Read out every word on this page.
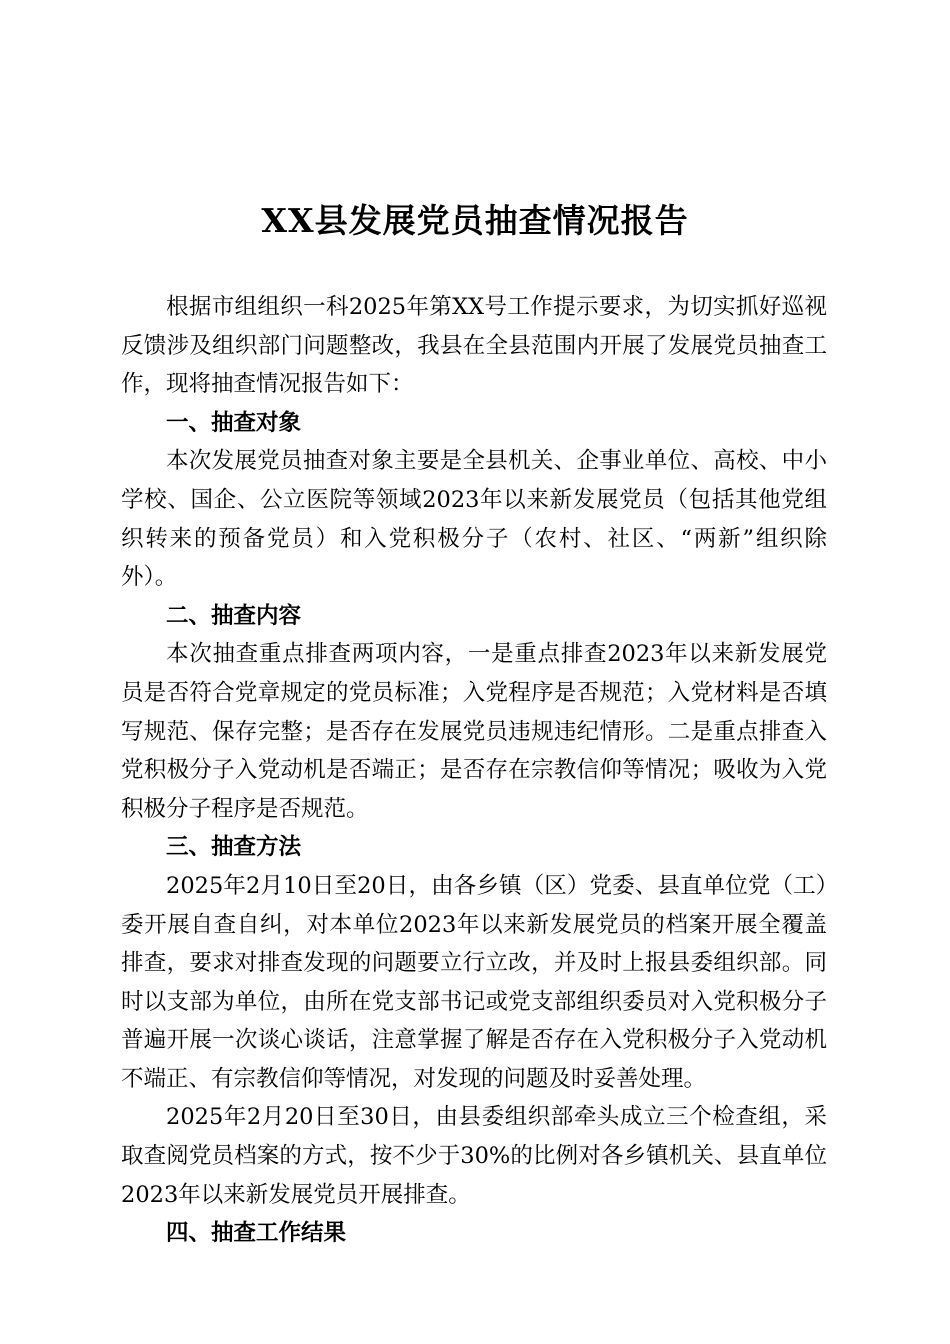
XX县发展党员抽查情况报告

根据市组组织一科2025年第XX号工作提示要求，为切实抓好巡视反馈涉及组织部门问题整改，我县在全县范围内开展了发展党员抽查工作，现将抽查情况报告如下：

一、抽查对象

本次发展党员抽查对象主要是全县机关、企事业单位、高校、中小学校、国企、公立医院等领域2023年以来新发展党员（包括其他党组织转来的预备党员）和入党积极分子（农村、社区、“两新”组织除外）。

二、抽查内容

本次抽查重点排查两项内容，一是重点排查2023年以来新发展党员是否符合党章规定的党员标准；入党程序是否规范；入党材料是否填写规范、保存完整；是否存在发展党员违规违纪情形。二是重点排查入党积极分子入党动机是否端正；是否存在宗教信仰等情况；吸收为入党积极分子程序是否规范。

三、抽查方法

2025年2月10日至20日，由各乡镇（区）党委、县直单位党（工）委开展自查自纠，对本单位2023年以来新发展党员的档案开展全覆盖排查，要求对排查发现的问题要立行立改，并及时上报县委组织部。同时以支部为单位，由所在党支部书记或党支部组织委员对入党积极分子普遍开展一次谈心谈话，注意掌握了解是否存在入党积极分子入党动机不端正、有宗教信仰等情况，对发现的问题及时妥善处理。

2025年2月20日至30日，由县委组织部牵头成立三个检查组，采取查阅党员档案的方式，按不少于30%的比例对各乡镇机关、县直单位2023年以来新发展党员开展排查。

四、抽查工作结果
